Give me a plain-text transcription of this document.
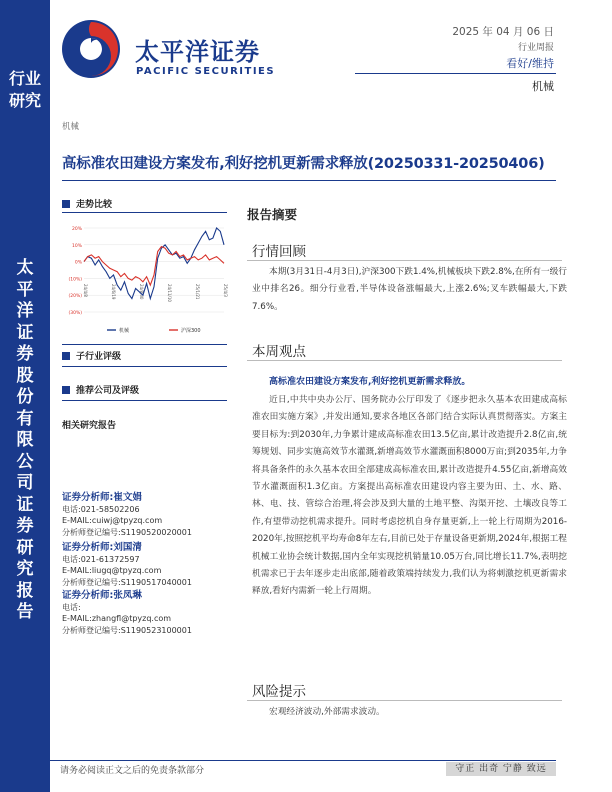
行业研究
太平洋证券股份有限公司证券研究报告
太平洋证券
PACIFIC SECURITIES
2025 年 04 月 06 日
行业周报
看好/维持
机械
机械
高标准农田建设方案发布,利好挖机更新需求释放(20250331-20250406)
走势比较
20%
10%
0%
(10%)
(20%)
(30%)
24/4/8	24/6/19	24/8/30	24/11/10	25/1/21	25/4/3
机械	沪深300
子行业评级
推荐公司及评级
相关研究报告
证券分析师:崔文娟
电话:021-58502206
E-MAIL:cuiwj@tpyzq.com
分析师登记编号:S1190520020001
证券分析师:刘国清
电话:021-61372597
E-MAIL:liugq@tpyzq.com
分析师登记编号:S1190517040001
证券分析师:张凤琳
电话:
E-MAIL:zhangfl@tpyzq.com
分析师登记编号:S1190523100001
报告摘要
行情回顾
本期(3月31日-4月3日),沪深300下跌1.4%,机械板块下跌2.8%,在所有一级行业中排名26。细分行业看,半导体设备涨幅最大,上涨2.6%;叉车跌幅最大,下跌7.6%。
本周观点
高标准农田建设方案发布,利好挖机更新需求释放。
近日,中共中央办公厅、国务院办公厅印发了《逐步把永久基本农田建成高标准农田实施方案》,并发出通知,要求各地区各部门结合实际认真贯彻落实。方案主要目标为:到2030年,力争累计建成高标准农田13.5亿亩,累计改造提升2.8亿亩,统筹规划、同步实施高效节水灌溉,新增高效节水灌溉面积8000万亩;到2035年,力争将具备条件的永久基本农田全部建成高标准农田,累计改造提升4.55亿亩,新增高效节水灌溉面积1.3亿亩。方案提出高标准农田建设内容主要为田、土、水、路、林、电、技、管综合治理,将会涉及到大量的土地平整、沟渠开挖、土壤改良等工作,有望带动挖机需求提升。同时考虑挖机自身存量更新,上一轮上行周期为2016-2020年,按照挖机平均寿命8年左右,目前已处于存量设备更新期,2024年,根据工程机械工业协会统计数据,国内全年实现挖机销量10.05万台,同比增长11.7%,表明挖机需求已于去年逐步走出底部,随着政策端持续发力,我们认为将刺激挖机更新需求释放,看好内需新一轮上行周期。
风险提示
宏观经济波动,外部需求波动。
请务必阅读正文之后的免责条款部分	守正 出奇 宁静 致远
